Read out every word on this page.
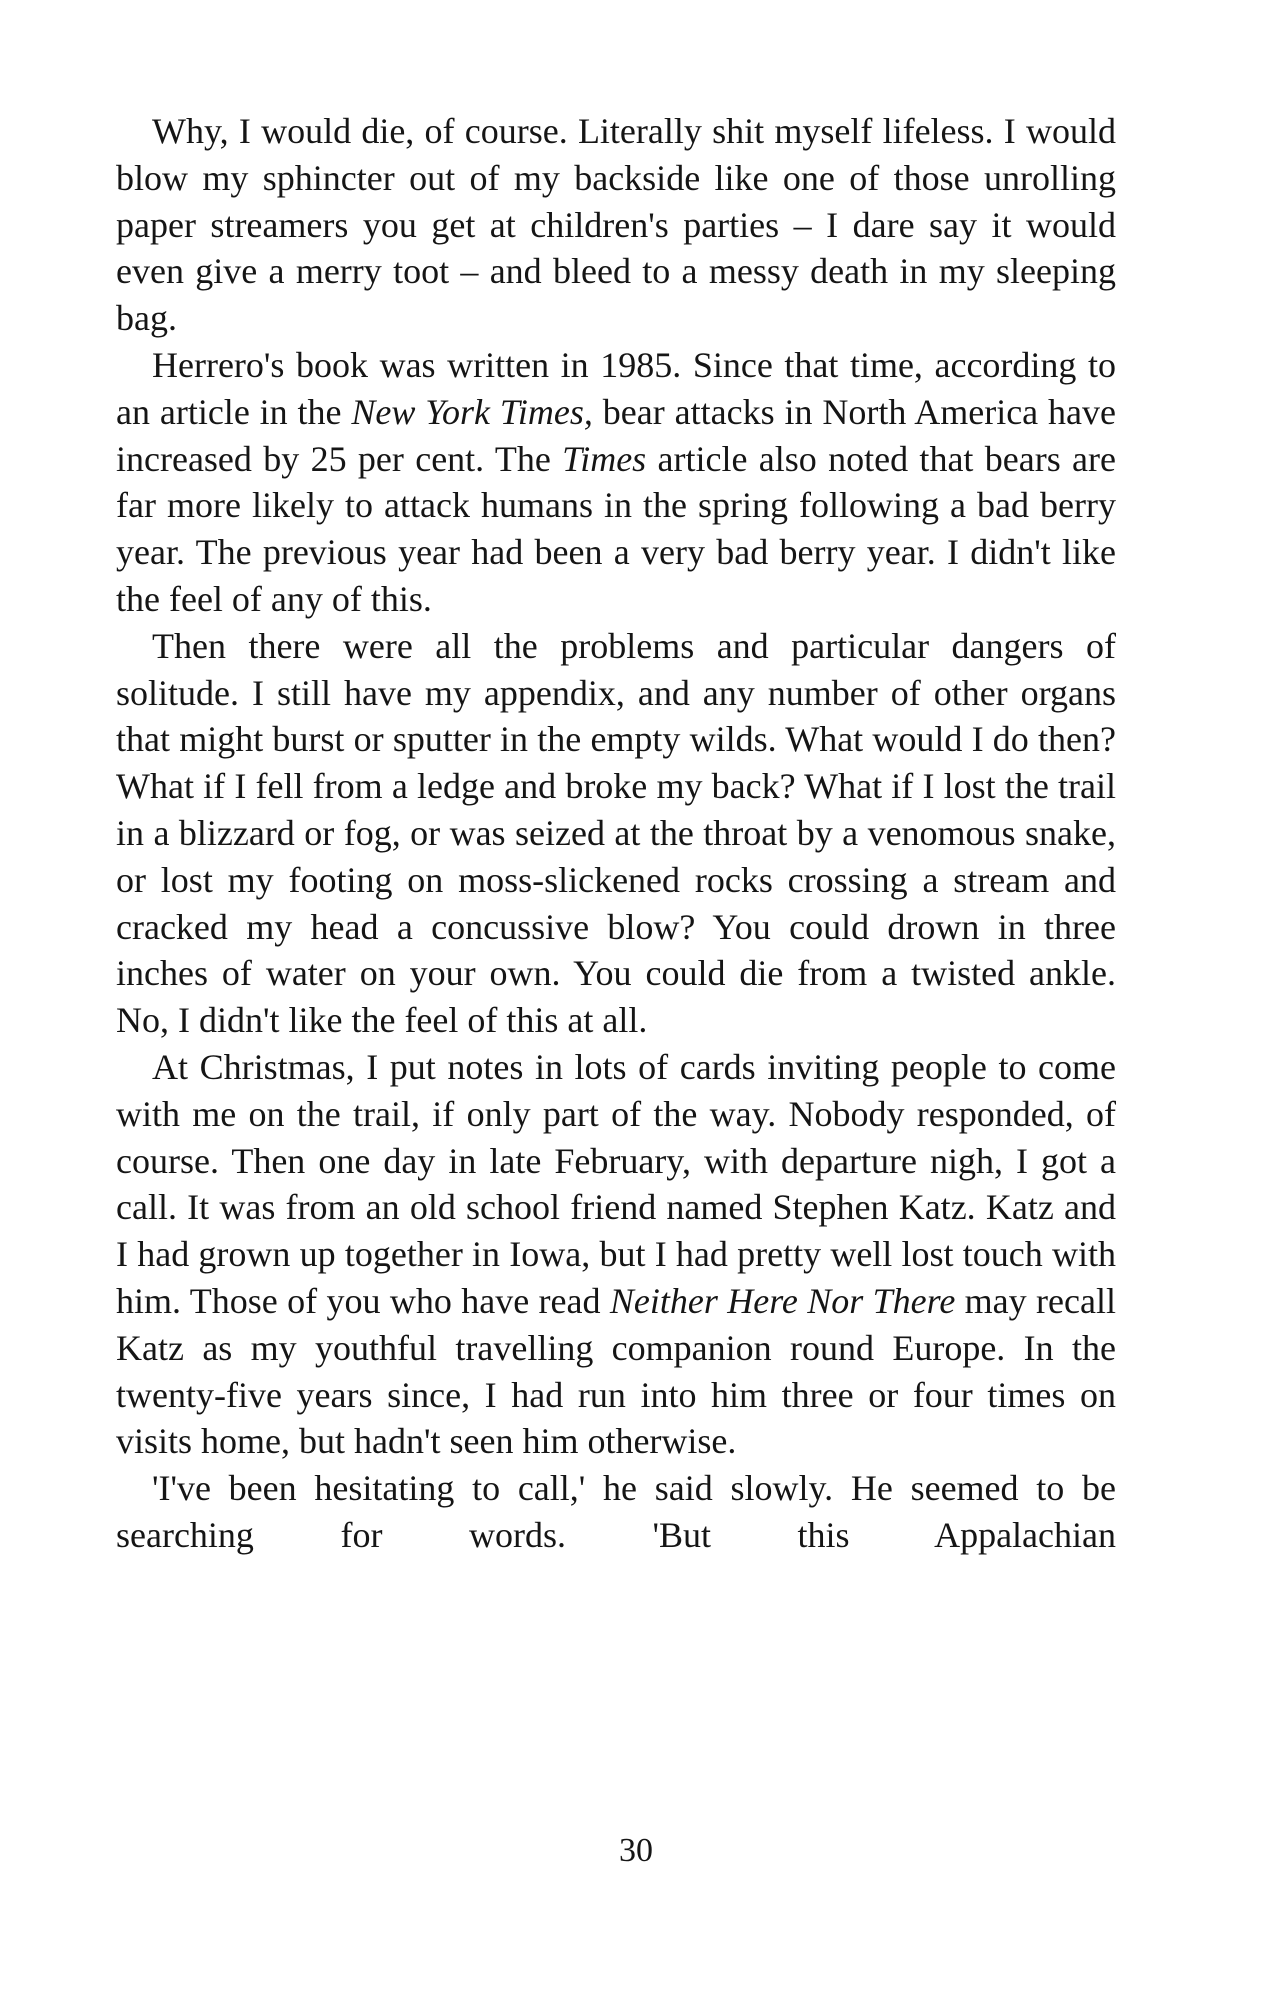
Why, I would die, of course. Literally shit myself lifeless. I would blow my sphincter out of my backside like one of those unrolling paper streamers you get at children's parties – I dare say it would even give a merry toot – and bleed to a messy death in my sleeping bag.

Herrero's book was written in 1985. Since that time, according to an article in the New York Times, bear attacks in North America have increased by 25 per cent. The Times article also noted that bears are far more likely to attack humans in the spring following a bad berry year. The previous year had been a very bad berry year. I didn't like the feel of any of this.

Then there were all the problems and particular dangers of solitude. I still have my appendix, and any number of other organs that might burst or sputter in the empty wilds. What would I do then? What if I fell from a ledge and broke my back? What if I lost the trail in a blizzard or fog, or was seized at the throat by a venomous snake, or lost my footing on moss-slickened rocks crossing a stream and cracked my head a concussive blow? You could drown in three inches of water on your own. You could die from a twisted ankle. No, I didn't like the feel of this at all.

At Christmas, I put notes in lots of cards inviting people to come with me on the trail, if only part of the way. Nobody responded, of course. Then one day in late February, with departure nigh, I got a call. It was from an old school friend named Stephen Katz. Katz and I had grown up together in Iowa, but I had pretty well lost touch with him. Those of you who have read Neither Here Nor There may recall Katz as my youthful travelling companion round Europe. In the twenty-five years since, I had run into him three or four times on visits home, but hadn't seen him otherwise.

'I've been hesitating to call,' he said slowly. He seemed to be searching for words. 'But this Appalachian

30
